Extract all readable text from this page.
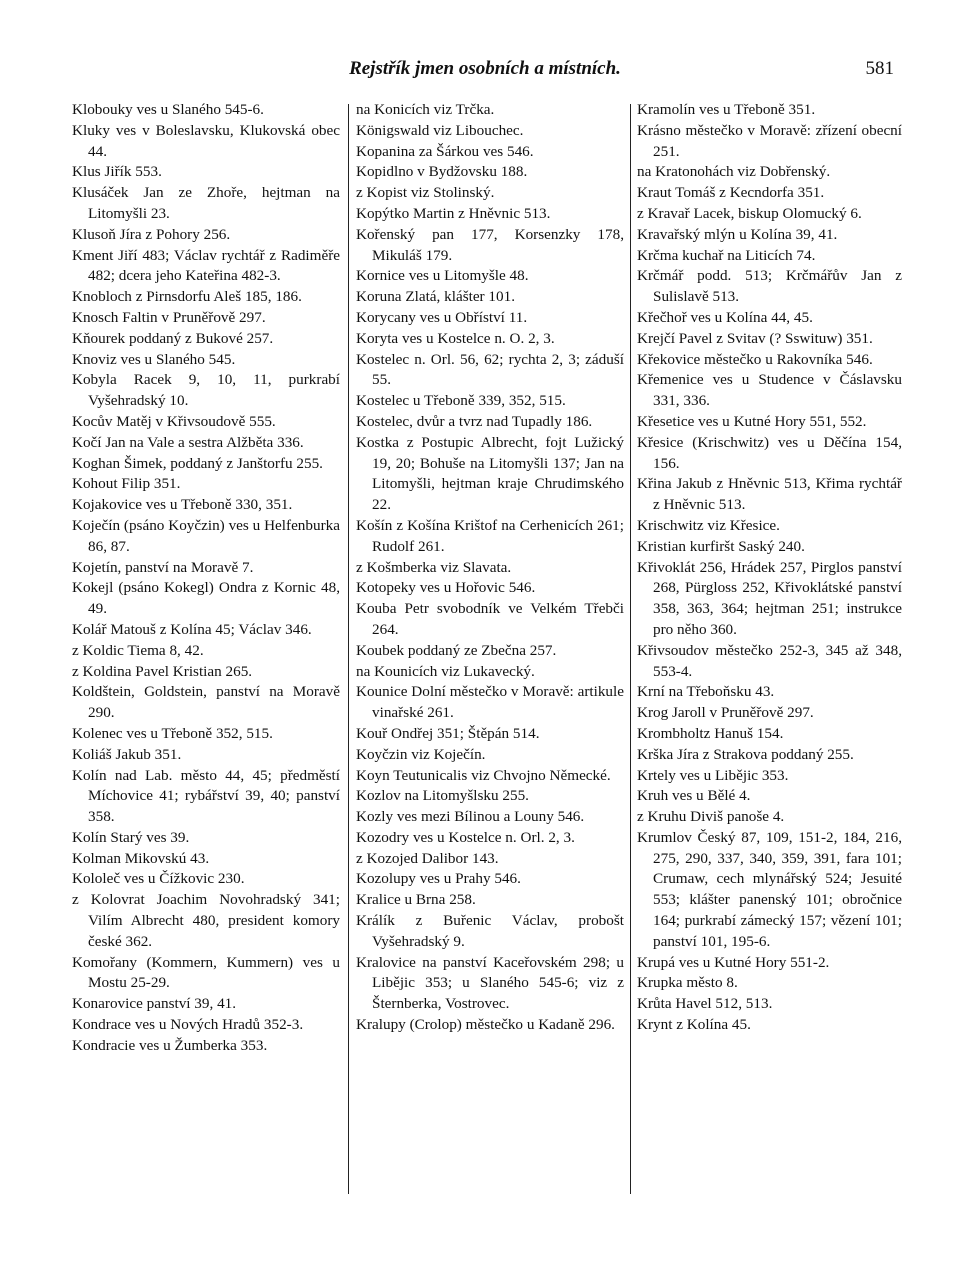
Rejstřík jmen osobních a místních.	581
Klobouky ves u Slaného 545-6.
Kluky ves v Boleslavsku, Klukovská obec 44.
Klus Jiřík 553.
Klusáček Jan ze Zhoře, hejtman na Litomyšli 23.
Klusoň Jíra z Pohory 256.
Kment Jiří 483; Václav rychtář z Radiměře 482; dcera jeho Kateřina 482-3.
Knobloch z Pirnsdorfu Aleš 185, 186.
Knosch Faltin v Pruněřově 297.
Kňourek poddaný z Bukové 257.
Knoviz ves u Slaného 545.
Kobyla Racek 9, 10, 11, purkrabí Vyšehradský 10.
Kocův Matěj v Křivsoudově 555.
Kočí Jan na Vale a sestra Alžběta 336.
Koghan Šimek, poddaný z Janštorfu 255.
Kohout Filip 351.
Kojakovice ves u Třeboně 330, 351.
Koječín (psáno Koyčzin) ves u Helfenburka 86, 87.
Kojetín, panství na Moravě 7.
Kokejl (psáno Kokegl) Ondra z Kornic 48, 49.
Kolář Matouš z Kolína 45; Václav 346.
z Koldic Tiema 8, 42.
z Koldina Pavel Kristian 265.
Koldštein, Goldstein, panství na Moravě 290.
Kolenec ves u Třeboně 352, 515.
Koliáš Jakub 351.
Kolín nad Lab. město 44, 45; předměstí Míchovice 41; rybářství 39, 40; panství 358.
Kolín Starý ves 39.
Kolman Mikovskú 43.
Kololeč ves u Čížkovic 230.
z Kolovrat Joachim Novohradský 341; Vilím Albrecht 480, president komory české 362.
Komořany (Kommern, Kummern) ves u Mostu 25-29.
Konarovice panství 39, 41.
Kondrace ves u Nových Hradů 352-3.
Kondracie ves u Žumberka 353.
na Konicích viz Trčka.
Königswald viz Libouchec.
Kopanina za Šárkou ves 546.
Kopidlno v Bydžovsku 188.
z Kopist viz Stolinský.
Kopýtko Martin z Hněvnic 513.
Kořenský pan 177, Korsenzky 178, Mikuláš 179.
Kornice ves u Litomyšle 48.
Koruna Zlatá, klášter 101.
Korycany ves u Obříství 11.
Koryta ves u Kostelce n. O. 2, 3.
Kostelec n. Orl. 56, 62; rychta 2, 3; záduší 55.
Kostelec u Třeboně 339, 352, 515.
Kostelec, dvůr a tvrz nad Tupadly 186.
Kostka z Postupic Albrecht, fojt Lužický 19, 20; Bohuše na Litomyšli 137; Jan na Litomyšli, hejtman kraje Chrudimského 22.
Košín z Košína Krištof na Cerhenicích 261; Rudolf 261.
z Košmberka viz Slavata.
Kotopeky ves u Hořovic 546.
Kouba Petr svobodník ve Velkém Třebči 264.
Koubek poddaný ze Zbečna 257.
na Kounicích viz Lukavecký.
Kounice Dolní městečko v Moravě: artikule vinařské 261.
Kouř Ondřej 351; Štěpán 514.
Koyčzin viz Koječín.
Koyn Teutunicalis viz Chvojno Německé.
Kozlov na Litomyšlsku 255.
Kozly ves mezi Bílinou a Louny 546.
Kozodry ves u Kostelce n. Orl. 2, 3.
z Kozojed Dalibor 143.
Kozolupy ves u Prahy 546.
Kralice u Brna 258.
Králík z Buřenic Václav, probošt Vyšehradský 9.
Kralovice na panství Kaceřovském 298; u Libějic 353; u Slaného 545-6; viz z Šternberka, Vostrovec.
Kralupy (Crolop) městečko u Kadaně 296.
Kramolín ves u Třeboně 351.
Krásno městečko v Moravě: zřízení obecní 251.
na Kratonohách viz Dobřenský.
Kraut Tomáš z Kecndorfa 351.
z Kravař Lacek, biskup Olomucký 6.
Kravařský mlýn u Kolína 39, 41.
Krčma kuchař na Liticích 74.
Krčmář podd. 513; Krčmářův Jan z Sulislavě 513.
Křečhoř ves u Kolína 44, 45.
Krejčí Pavel z Svitav (? Sswituw) 351.
Křekovice městečko u Rakovníka 546.
Křemenice ves u Studence v Čáslavsku 331, 336.
Křesetice ves u Kutné Hory 551, 552.
Křesice (Krischwitz) ves u Děčína 154, 156.
Křina Jakub z Hněvnic 513, Křima rychtář z Hněvnic 513.
Krischwitz viz Křesice.
Kristian kurfiršt Saský 240.
Křivoklát 256, Hrádek 257, Pirglos panství 268, Pürgloss 252, Křivoklátské panství 358, 363, 364; hejtman 251; instrukce pro něho 360.
Křivsoudov městečko 252-3, 345 až 348, 553-4.
Krní na Třeboňsku 43.
Krog Jaroll v Pruněřově 297.
Krombholtz Hanuš 154.
Krška Jíra z Strakova poddaný 255.
Krtely ves u Libějic 353.
Kruh ves u Bělé 4.
z Kruhu Diviš panoše 4.
Krumlov Český 87, 109, 151-2, 184, 216, 275, 290, 337, 340, 359, 391, fara 101; Crumaw, cech mlynářský 524; Jesuité 553; klášter panenský 101; obročnice 164; purkrabí zámecký 157; vězení 101; panství 101, 195-6.
Krupá ves u Kutné Hory 551-2.
Krupka město 8.
Krůta Havel 512, 513.
Krynt z Kolína 45.
